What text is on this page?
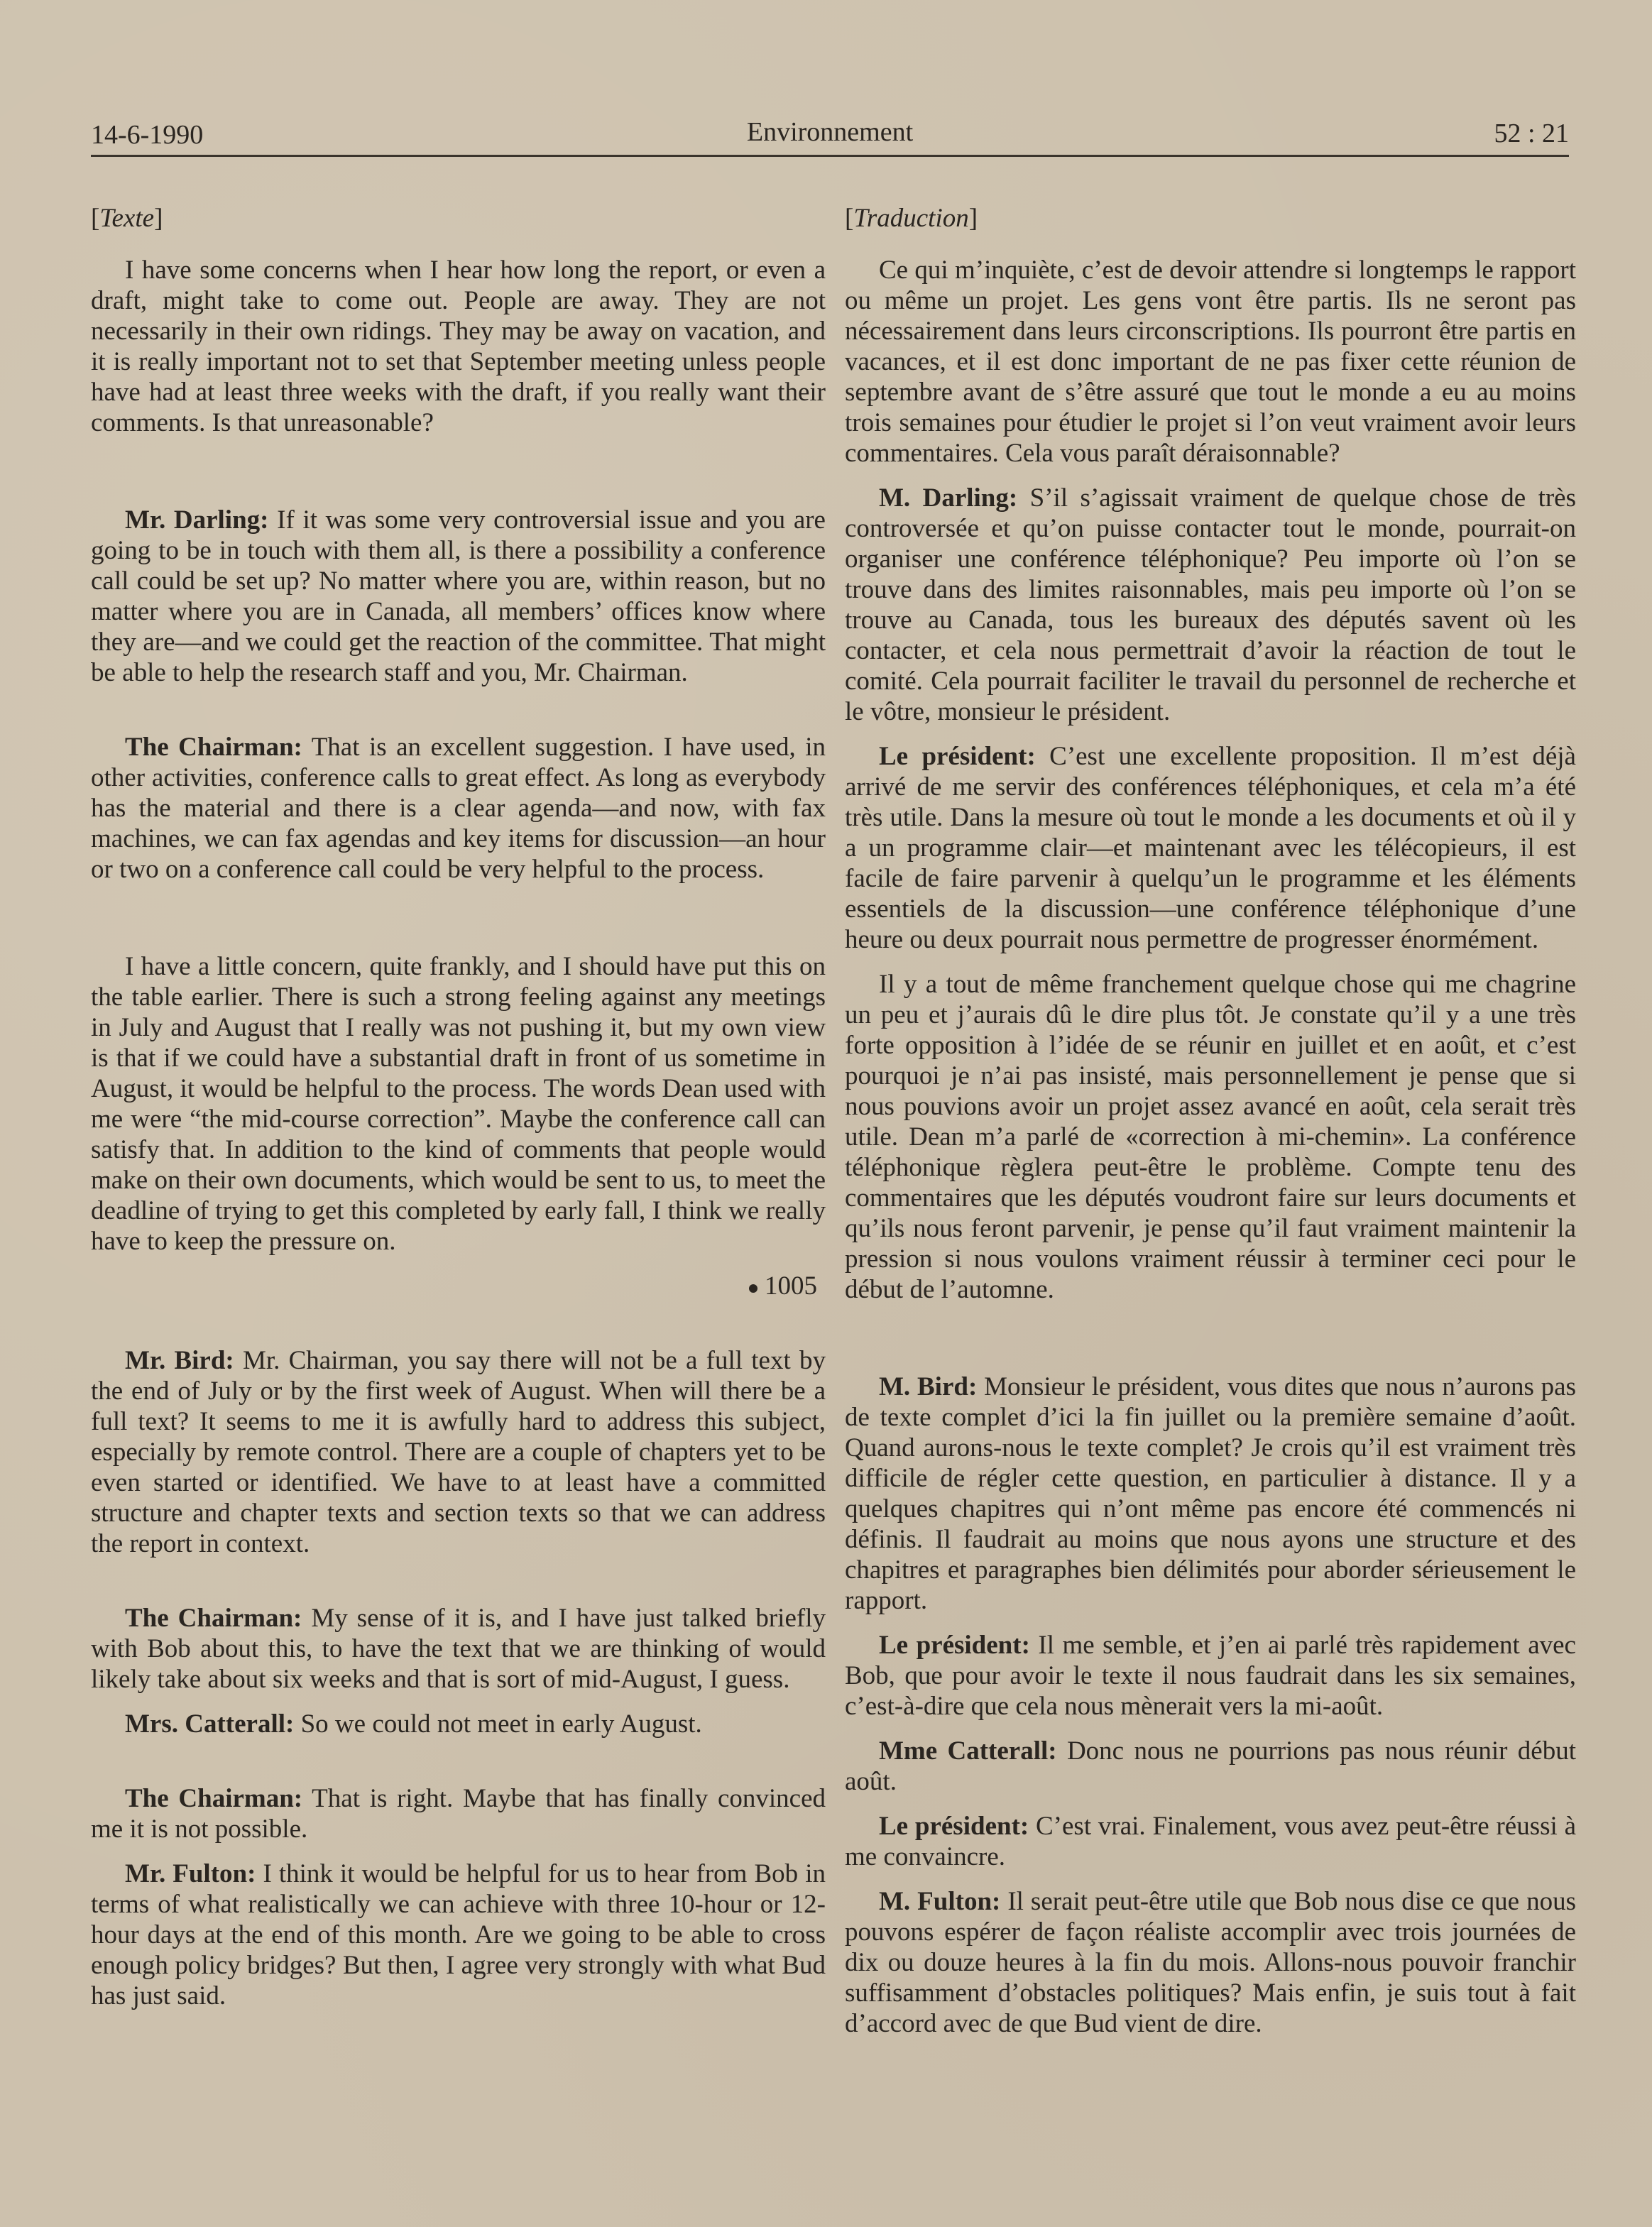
14-6-1990	Environnement	52 : 21
[Texte]

I have some concerns when I hear how long the report, or even a draft, might take to come out. People are away. They are not necessarily in their own ridings. They may be away on vacation, and it is really important not to set that September meeting unless people have had at least three weeks with the draft, if you really want their comments. Is that unreasonable?

Mr. Darling: If it was some very controversial issue and you are going to be in touch with them all, is there a possibility a conference call could be set up? No matter where you are, within reason, but no matter where you are in Canada, all members’ offices know where they are—and we could get the reaction of the committee. That might be able to help the research staff and you, Mr. Chairman.

The Chairman: That is an excellent suggestion. I have used, in other activities, conference calls to great effect. As long as everybody has the material and there is a clear agenda—and now, with fax machines, we can fax agendas and key items for discussion—an hour or two on a conference call could be very helpful to the process.

I have a little concern, quite frankly, and I should have put this on the table earlier. There is such a strong feeling against any meetings in July and August that I really was not pushing it, but my own view is that if we could have a substantial draft in front of us sometime in August, it would be helpful to the process. The words Dean used with me were “the mid-course correction”. Maybe the conference call can satisfy that. In addition to the kind of comments that people would make on their own documents, which would be sent to us, to meet the deadline of trying to get this completed by early fall, I think we really have to keep the pressure on.

1005

Mr. Bird: Mr. Chairman, you say there will not be a full text by the end of July or by the first week of August. When will there be a full text? It seems to me it is awfully hard to address this subject, especially by remote control. There are a couple of chapters yet to be even started or identified. We have to at least have a committed structure and chapter texts and section texts so that we can address the report in context.

The Chairman: My sense of it is, and I have just talked briefly with Bob about this, to have the text that we are thinking of would likely take about six weeks and that is sort of mid-August, I guess.

Mrs. Catterall: So we could not meet in early August.

The Chairman: That is right. Maybe that has finally convinced me it is not possible.

Mr. Fulton: I think it would be helpful for us to hear from Bob in terms of what realistically we can achieve with three 10-hour or 12-hour days at the end of this month. Are we going to be able to cross enough policy bridges? But then, I agree very strongly with what Bud has just said.

[Traduction]

Ce qui m’inquiète, c’est de devoir attendre si longtemps le rapport ou même un projet. Les gens vont être partis. Ils ne seront pas nécessairement dans leurs circonscriptions. Ils pourront être partis en vacances, et il est donc important de ne pas fixer cette réunion de septembre avant de s’être assuré que tout le monde a eu au moins trois semaines pour étudier le projet si l’on veut vraiment avoir leurs commentaires. Cela vous paraît déraisonnable?

M. Darling: S’il s’agissait vraiment de quelque chose de très controversée et qu’on puisse contacter tout le monde, pourrait-on organiser une conférence téléphonique? Peu importe où l’on se trouve dans des limites raisonnables, mais peu importe où l’on se trouve au Canada, tous les bureaux des députés savent où les contacter, et cela nous permettrait d’avoir la réaction de tout le comité. Cela pourrait faciliter le travail du personnel de recherche et le vôtre, monsieur le président.

Le président: C’est une excellente proposition. Il m’est déjà arrivé de me servir des conférences téléphoniques, et cela m’a été très utile. Dans la mesure où tout le monde a les documents et où il y a un programme clair—et maintenant avec les télécopieurs, il est facile de faire parvenir à quelqu’un le programme et les éléments essentiels de la discussion—une conférence téléphonique d’une heure ou deux pourrait nous permettre de progresser énormément.

Il y a tout de même franchement quelque chose qui me chagrine un peu et j’aurais dû le dire plus tôt. Je constate qu’il y a une très forte opposition à l’idée de se réunir en juillet et en août, et c’est pourquoi je n’ai pas insisté, mais personnellement je pense que si nous pouvions avoir un projet assez avancé en août, cela serait très utile. Dean m’a parlé de «correction à mi-chemin». La conférence téléphonique règlera peut-être le problème. Compte tenu des commentaires que les députés voudront faire sur leurs documents et qu’ils nous feront parvenir, je pense qu’il faut vraiment maintenir la pression si nous voulons vraiment réussir à terminer ceci pour le début de l’automne.

M. Bird: Monsieur le président, vous dites que nous n’aurons pas de texte complet d’ici la fin juillet ou la première semaine d’août. Quand aurons-nous le texte complet? Je crois qu’il est vraiment très difficile de régler cette question, en particulier à distance. Il y a quelques chapitres qui n’ont même pas encore été commencés ni définis. Il faudrait au moins que nous ayons une structure et des chapitres et paragraphes bien délimités pour aborder sérieusement le rapport.

Le président: Il me semble, et j’en ai parlé très rapidement avec Bob, que pour avoir le texte il nous faudrait dans les six semaines, c’est-à-dire que cela nous mènerait vers la mi-août.

Mme Catterall: Donc nous ne pourrions pas nous réunir début août.

Le président: C’est vrai. Finalement, vous avez peut-être réussi à me convaincre.

M. Fulton: Il serait peut-être utile que Bob nous dise ce que nous pouvons espérer de façon réaliste accomplir avec trois journées de dix ou douze heures à la fin du mois. Allons-nous pouvoir franchir suffisamment d’obstacles politiques? Mais enfin, je suis tout à fait d’accord avec de que Bud vient de dire.
